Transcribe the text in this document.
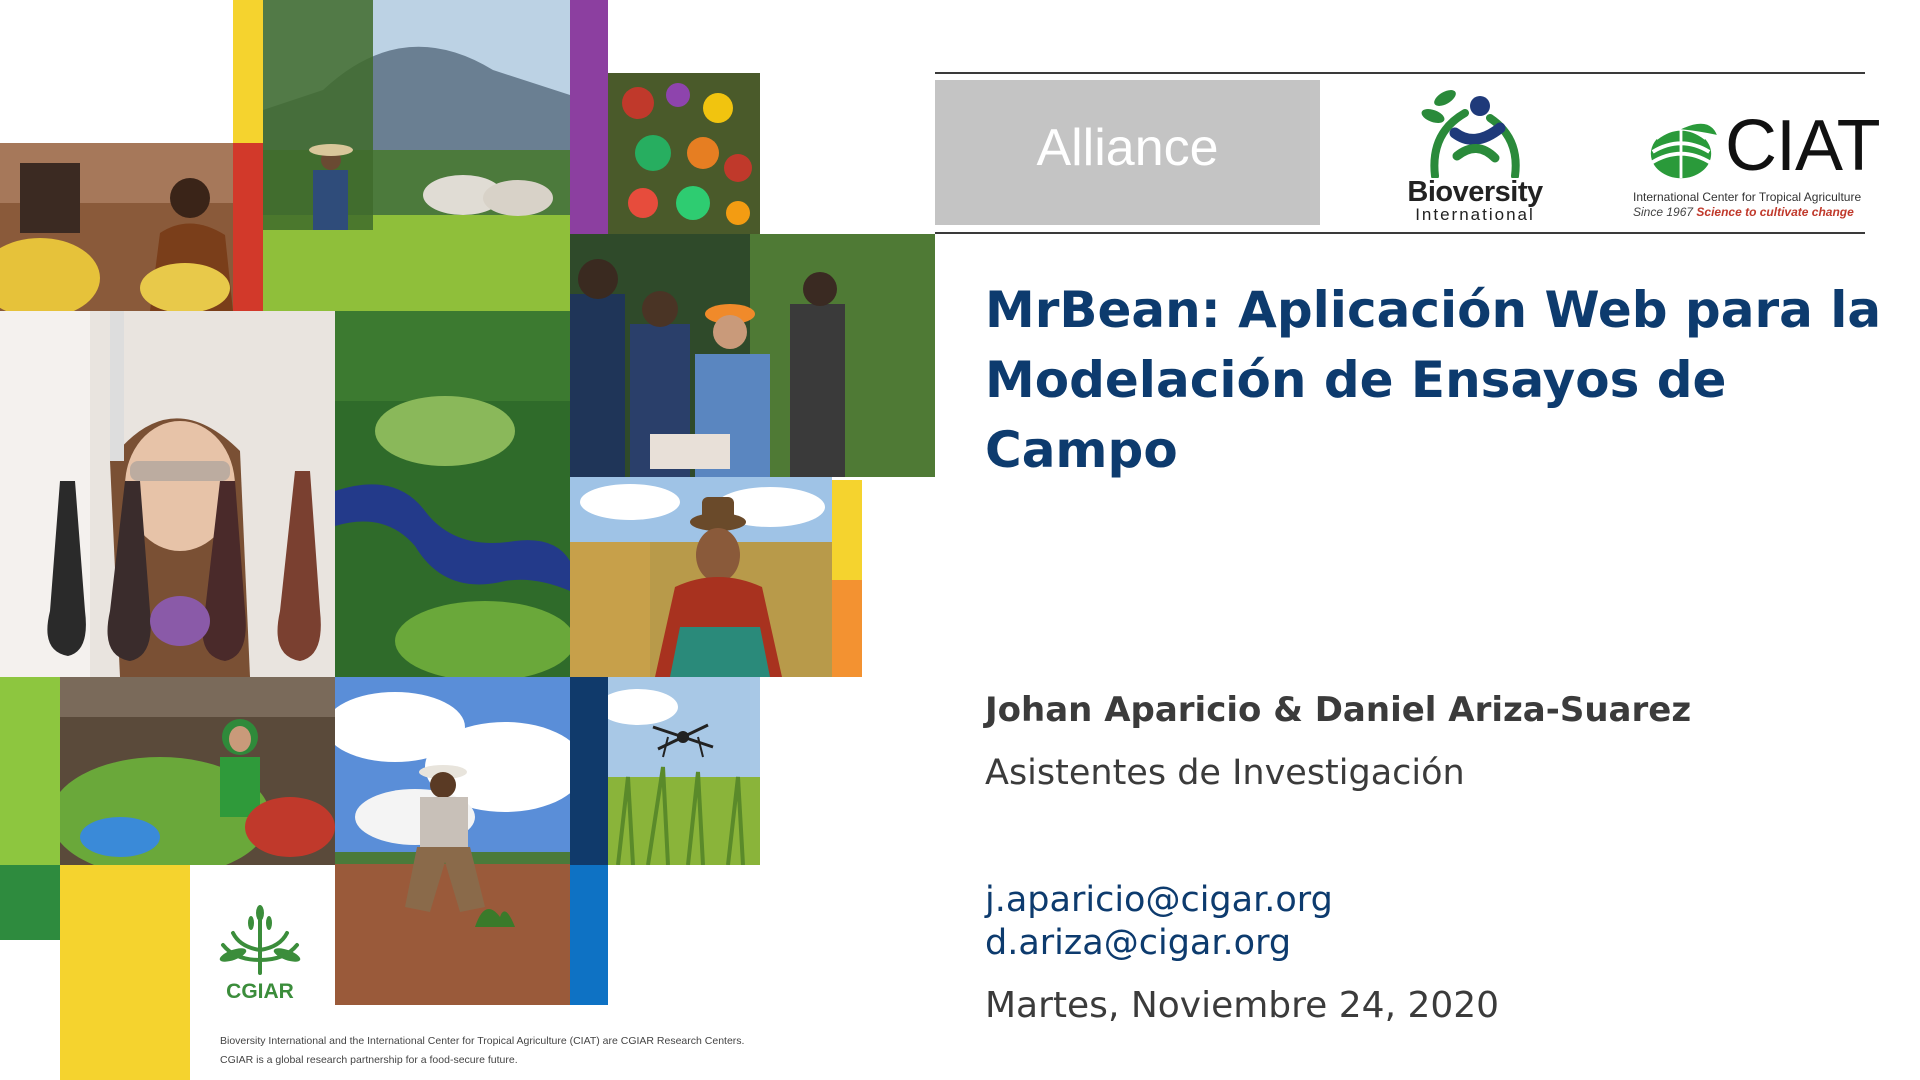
CGIAR
Bioversity International and the International Center for Tropical Agriculture (CIAT) are CGIAR Research Centers.
CGIAR is a global research partnership for a food-secure future.
Alliance
Bioversity
International
CIAT
International Center for Tropical Agriculture
Since 1967 Science to cultivate change
MrBean: Aplicación Web para la
Modelación de Ensayos de
Campo
Johan Aparicio & Daniel Ariza-Suarez
Asistentes de Investigación
j.aparicio@cigar.org
d.ariza@cigar.org
Martes, Noviembre 24, 2020
